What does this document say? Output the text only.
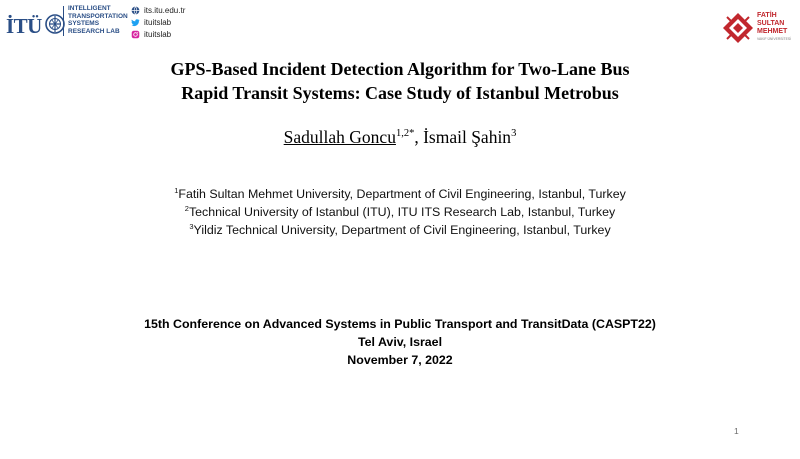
İTÜ
INTELLIGENT
TRANSPORTATION
SYSTEMS
RESEARCH LAB
its.itu.edu.tr
ituitslab
ituitslab
FATİH
SULTAN
MEHMET
VAKIF ÜNİVERSİTESİ
GPS-Based Incident Detection Algorithm for Two-Lane Bus
Rapid Transit Systems: Case Study of Istanbul Metrobus
Sadullah Goncu$^{1,2*}$, İsmail Şahin$^3$
$^1$Fatih Sultan Mehmet University, Department of Civil Engineering, Istanbul, Turkey
$^2$Technical University of Istanbul (ITU), ITU ITS Research Lab, Istanbul, Turkey
$^3$Yildiz Technical University, Department of Civil Engineering, Istanbul, Turkey
15th Conference on Advanced Systems in Public Transport and TransitData (CASPT22)
Tel Aviv, Israel
November 7, 2022
1
